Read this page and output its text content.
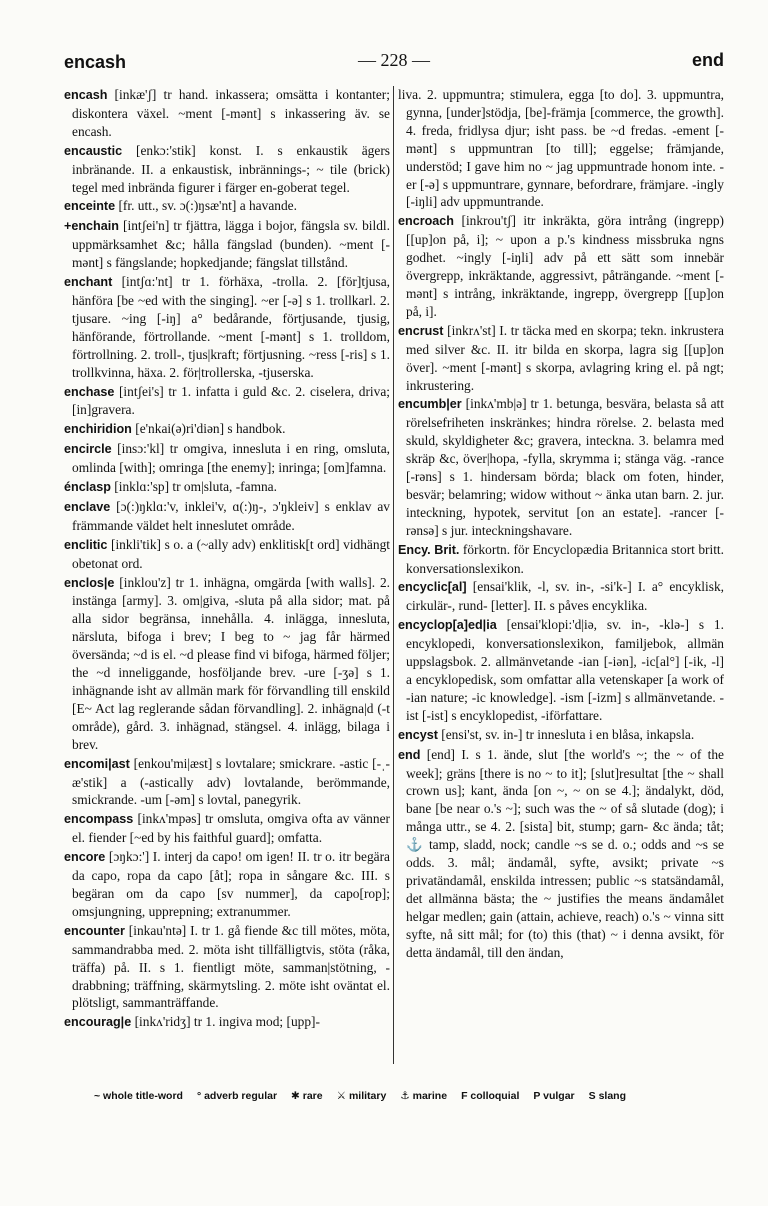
encash	— 228 —	end
encash [inkæ'ʃ] tr hand. inkassera; omsätta i kontanter; diskontera växel. ~ment [-mənt] s inkassering äv. se encash.
encaustic [enkɔ:'stik] konst. I. s enkaustik ägers inbränande. II. a enkaustisk, inbrännings-; ~ tile (brick) tegel med inbrända figurer i färger en-goberat tegel.
enceinte [fr. utt., sv. ɔ(:)ŋsæ'nt] a havande.
+enchain [intʃei'n] tr fjättra, lägga i bojor, fängsla sv. bildl. uppmärksamhet &c; hålla fängslad (bunden). ~ment [-mənt] s fängslande; hopkedjande; fängslat tillstånd.
enchant [intʃɑ:'nt] tr 1. förhäxa, -trolla. 2. [för]tjusa, hänföra [be ~ed with the singing]. ~er [-ə] s 1. trollkarl. 2. tjusare. ~ing [-iŋ] a° bedårande, förtjusande, tjusig, hänförande, förtrollande. ~ment [-mənt] s 1. trolldom, förtrollning. 2. troll-, tjus|kraft; förtjusning. ~ress [-ris] s 1. trollkvinna, häxa. 2. för|trollerska, -tjuserska.
enchase [intʃei's] tr 1. infatta i guld &c. 2. ciselera, driva; [in]gravera.
enchiridion [e'nkai(ə)ri'diən] s handbok.
encircle [insɔ:'kl] tr omgiva, innesluta i en ring, omsluta, omlinda [with]; omringa [the enemy]; inringa; [om]famna.
énclasp [inklɑ:'sp] tr om|sluta, -famna.
enclave [ɔ(:)ŋklɑ:'v, inklei'v, ɑ(:)ŋ-, ɔ'ŋkleiv] s enklav av främmande väldet helt inneslutet område.
enclitic [inkli'tik] s o. a (~ally adv) enklitisk[t ord] vidhängt obetonat ord.
enclos|e [inklou'z] tr 1. inhägna, omgärda [with walls]. 2. instänga [army]. 3. om|giva, -sluta på alla sidor; mat. på alla sidor begränsa, innehålla. 4. inlägga, innesluta, närsluta, bifoga i brev; I beg to ~ jag får härmed översända; ~d is el. ~d please find vi bifoga, härmed följer; the ~d inneliggande, hosföljande brev. -ure [-ʒə] s 1. inhägnande isht av allmän mark för förvandling till enskild [E~ Act lag reglerande sådan förvandling]. 2. inhägna|d (-t område), gård. 3. inhägnad, stängsel. 4. inlägg, bilaga i brev.
encomi|ast [enkou'mi|æst] s lovtalare; smickrare. -astic [-ˌ-æ'stik] a (-astically adv) lovtalande, berömmande, smickrande. -um [-əm] s lovtal, panegyrik.
encompass [inkʌ'mpəs] tr omsluta, omgiva ofta av vänner el. fiender [~ed by his faithful guard]; omfatta.
encore [ɔŋkɔ:'] I. interj da capo! om igen! II. tr o. itr begära da capo, ropa da capo [åt]; ropa in sångare &c. III. s begäran om da capo [sv nummer], da capo[rop]; omsjungning, upprepning; extranummer.
encounter [inkau'ntə] I. tr 1. gå fiende &c till mötes, möta, sammandrabba med. 2. möta isht tillfälligtvis, stöta (råka, träffa) på. II. s 1. fientligt möte, samman|stötning, -drabbning; träffning, skärmytsling. 2. möte isht oväntat el. plötsligt, sammanträffande.
encourag|e [inkʌ'ridʒ] tr 1. ingiva mod; [upp]-
liva. 2. uppmuntra; stimulera, egga [to do]. 3. uppmuntra, gynna, [under]stödja, [be]-främja [commerce, the growth]. 4. freda, fridlysa djur; isht pass. be ~d fredas. -ement [-mənt] s uppmuntran [to till]; eggelse; främjande, understöd; I gave him no ~ jag uppmuntrade honom inte. -er [-ə] s uppmuntrare, gynnare, befordrare, främjare. -ingly [-iŋli] adv uppmuntrande.
encroach [inkrou'tʃ] itr inkräkta, göra intrång (ingrepp) [[up]on på, i]; ~ upon a p.'s kindness missbruka ngns godhet. ~ingly [-iŋli] adv på ett sätt som innebär övergrepp, inkräktande, aggressivt, påträngande. ~ment [-mənt] s intrång, inkräktande, ingrepp, övergrepp [[up]on på, i].
encrust [inkrʌ'st] I. tr täcka med en skorpa; tekn. inkrustera med silver &c. II. itr bilda en skorpa, lagra sig [[up]on över]. ~ment [-mənt] s skorpa, avlagring kring el. på ngt; inkrustering.
encumb|er [inkʌ'mb|ə] tr 1. betunga, besvära, belasta så att rörelsefriheten inskränkes; hindra rörelse. 2. belasta med skuld, skyldigheter &c; gravera, inteckna. 3. belamra med skräp &c, över|hopa, -fylla, skrymma i; stänga väg. -rance [-rəns] s 1. hindersam börda; black om foten, hinder, besvär; belamring; widow without ~ änka utan barn. 2. jur. inteckning, hypotek, servitut [on an estate]. -rancer [-rənsə] s jur. inteckningshavare.
Ency. Brit. förkortn. för Encyclopædia Britannica stort britt. konversationslexikon.
encyclic[al] [ensai'klik, -l, sv. in-, -si'k-] I. a° encyklisk, cirkulär-, rund- [letter]. II. s påves encyklika.
encyclop[a]ed|ia [ensai'klopi:'d|iə, sv. in-, -klə-] s 1. encyklopedi, konversationslexikon, familjebok, allmän uppslagsbok. 2. allmänvetande -ian [-iən], -ic[al°] [-ik, -l] a encyklopedisk, som omfattar alla vetenskaper [a work of -ian nature; -ic knowledge]. -ism [-izm] s allmänvetande. -ist [-ist] s encyklopedist, -iförfattare.
encyst [ensi'st, sv. in-] tr innesluta i en blåsa, inkapsla.
end [end] I. s 1. ände, slut [the world's ~; the ~ of the week]; gräns [there is no ~ to it]; [slut]resultat [the ~ shall crown us]; kant, ända [on ~, ~ on se 4.]; ändalykt, död, bane [be near o.'s ~]; such was the ~ of så slutade (dog); i många uttr., se 4. 2. [sista] bit, stump; garn- &c ända; tåt; ⚓ tamp, sladd, nock; candle ~s se d. o.; odds and ~s se odds. 3. mål; ändamål, syfte, avsikt; private ~s privatändamål, enskilda intressen; public ~s statsändamål, det allmänna bästa; the ~ justifies the means ändamålet helgar medlen; gain (attain, achieve, reach) o.'s ~ vinna sitt syfte, nå sitt mål; for (to) this (that) ~ i denna avsikt, för detta ändamål, till den ändan,
~ whole title-word ° adverb regular ✱ rare ⚔ military ⚓ marine F colloquial P vulgar S slang
